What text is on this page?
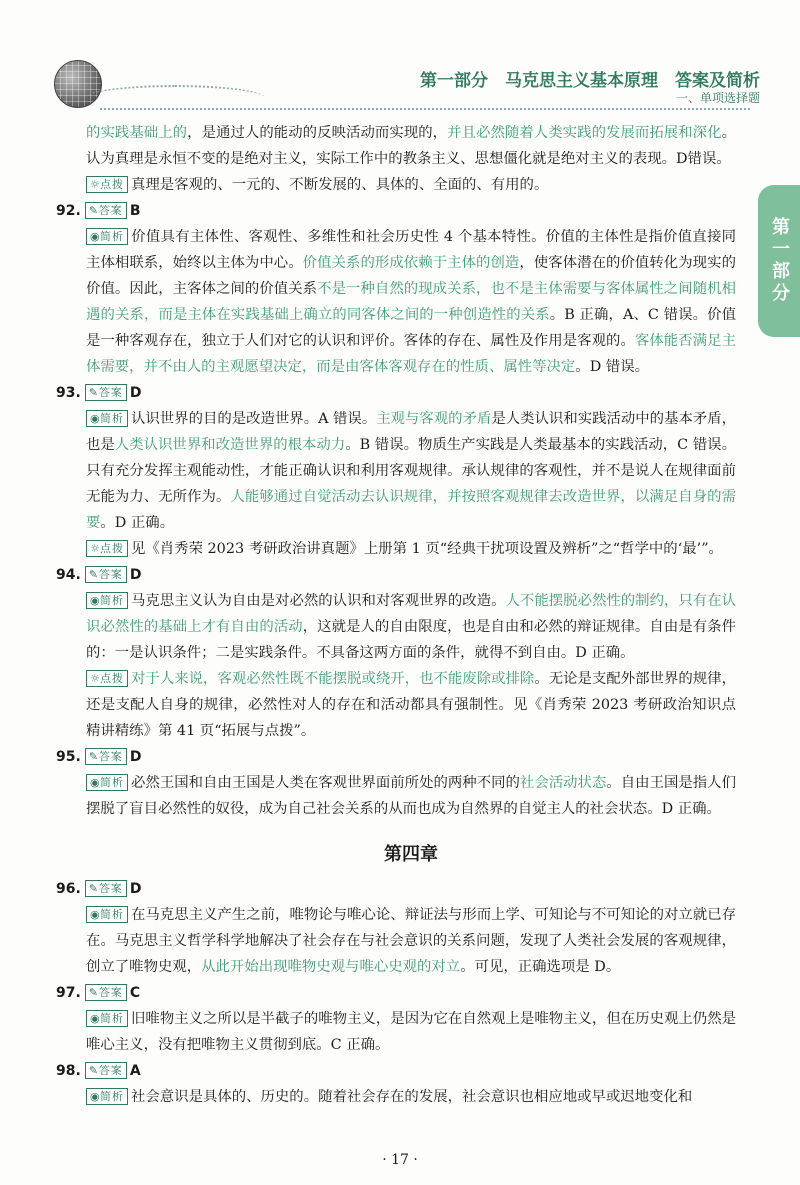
第一部分　马克思主义基本原理　答案及简析
一、单项选择题
第一部分

的实践基础上的，是通过人的能动的反映活动而实现的，并且必然随着人类实践的发展而拓展和深化。认为真理是永恒不变的是绝对主义，实际工作中的教条主义、思想僵化就是绝对主义的表现。D错误。

☼点拨 真理是客观的、一元的、不断发展的、具体的、全面的、有用的。

92. ✎答案 B

◉简析 价值具有主体性、客观性、多维性和社会历史性 4 个基本特性。价值的主体性是指价值直接同主体相联系，始终以主体为中心。价值关系的形成依赖于主体的创造，使客体潜在的价值转化为现实的价值。因此，主客体之间的价值关系不是一种自然的现成关系，也不是主体需要与客体属性之间随机相遇的关系，而是主体在实践基础上确立的同客体之间的一种创造性的关系。B 正确，A、C 错误。价值是一种客观存在，独立于人们对它的认识和评价。客体的存在、属性及作用是客观的。客体能否满足主体需要，并不由人的主观愿望决定，而是由客体客观存在的性质、属性等决定。D 错误。

93. ✎答案 D

◉简析 认识世界的目的是改造世界。A 错误。主观与客观的矛盾是人类认识和实践活动中的基本矛盾，也是人类认识世界和改造世界的根本动力。B 错误。物质生产实践是人类最基本的实践活动，C 错误。只有充分发挥主观能动性，才能正确认识和利用客观规律。承认规律的客观性，并不是说人在规律面前无能为力、无所作为。人能够通过自觉活动去认识规律，并按照客观规律去改造世界，以满足自身的需要。D 正确。

☼点拨 见《肖秀荣 2023 考研政治讲真题》上册第 1 页“经典干扰项设置及辨析”之“哲学中的‘最’”。

94. ✎答案 D

◉简析 马克思主义认为自由是对必然的认识和对客观世界的改造。人不能摆脱必然性的制约，只有在认识必然性的基础上才有自由的活动，这就是人的自由限度，也是自由和必然的辩证规律。自由是有条件的：一是认识条件；二是实践条件。不具备这两方面的条件，就得不到自由。D 正确。

☼点拨 对于人来说，客观必然性既不能摆脱或绕开，也不能废除或排除。无论是支配外部世界的规律，还是支配人自身的规律，必然性对人的存在和活动都具有强制性。见《肖秀荣 2023 考研政治知识点精讲精练》第 41 页“拓展与点拨”。

95. ✎答案 D

◉简析 必然王国和自由王国是人类在客观世界面前所处的两种不同的社会活动状态。自由王国是指人们摆脱了盲目必然性的奴役，成为自己社会关系的从而也成为自然界的自觉主人的社会状态。D 正确。

第四章
96. ✎答案 D

◉简析 在马克思主义产生之前，唯物论与唯心论、辩证法与形而上学、可知论与不可知论的对立就已存在。马克思主义哲学科学地解决了社会存在与社会意识的关系问题，发现了人类社会发展的客观规律，创立了唯物史观，从此开始出现唯物史观与唯心史观的对立。可见，正确选项是 D。

97. ✎答案 C

◉简析 旧唯物主义之所以是半截子的唯物主义，是因为它在自然观上是唯物主义，但在历史观上仍然是唯心主义，没有把唯物主义贯彻到底。C 正确。

98. ✎答案 A

◉简析 社会意识是具体的、历史的。随着社会存在的发展，社会意识也相应地或早或迟地变化和

· 17 ·
